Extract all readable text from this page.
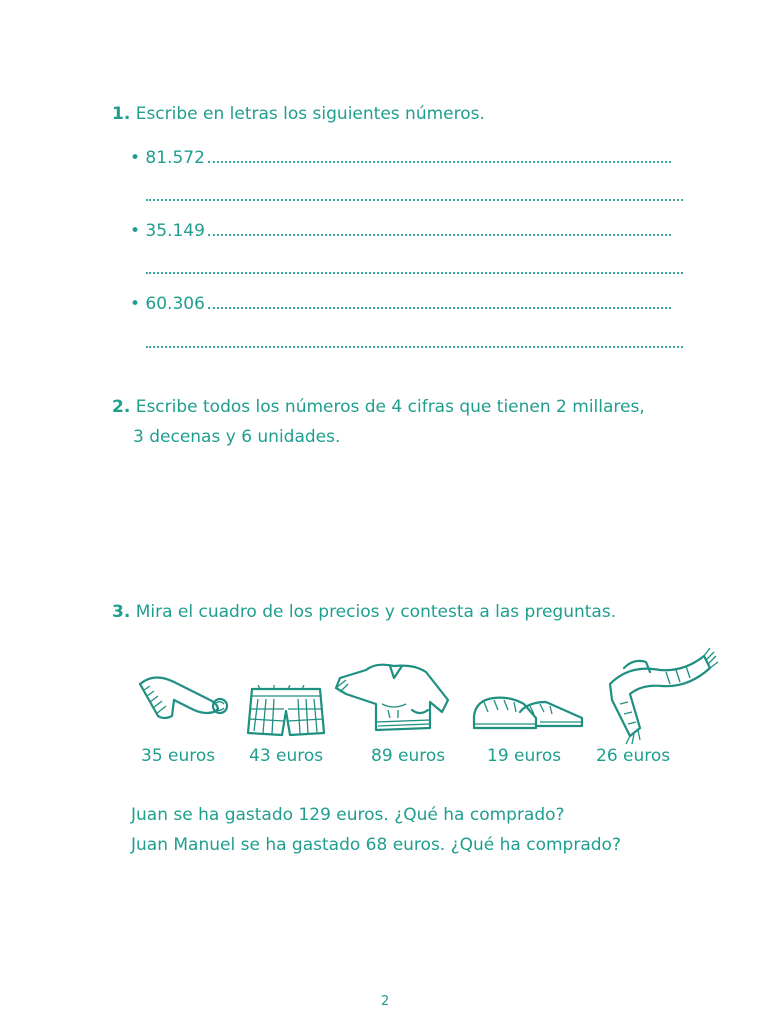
1. Escribe en letras los siguientes números.
• 81.572
• 35.149
• 60.306
2. Escribe todos los números de 4 cifras que tienen 2 millares,
3 decenas y 6 unidades.
3. Mira el cuadro de los precios y contesta a las preguntas.
35 euros 43 euros	89 euros 19 euros 26 euros
Juan se ha gastado 129 euros. ¿Qué ha comprado?
Juan Manuel se ha gastado 68 euros. ¿Qué ha comprado?
2
